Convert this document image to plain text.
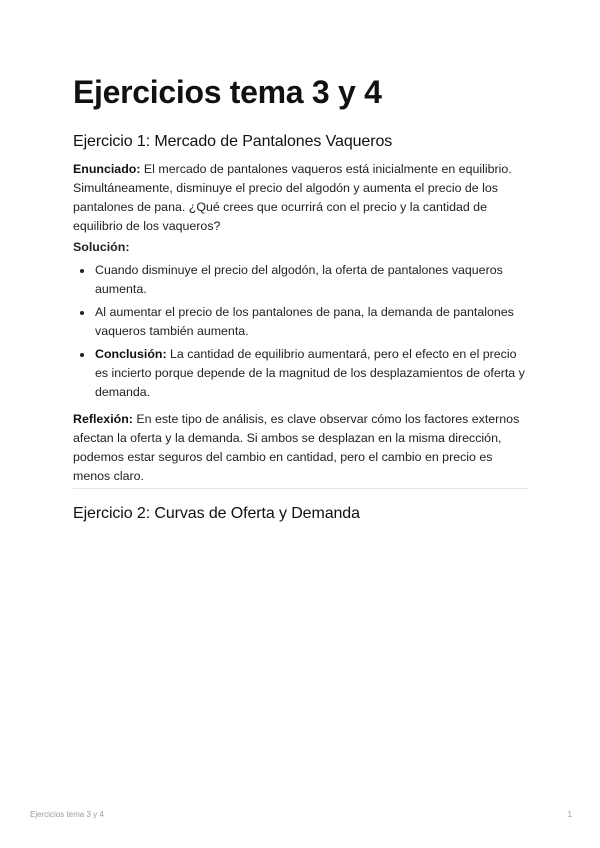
Ejercicios tema 3 y 4
Ejercicio 1: Mercado de Pantalones Vaqueros
Enunciado: El mercado de pantalones vaqueros está inicialmente en equilibrio. Simultáneamente, disminuye el precio del algodón y aumenta el precio de los pantalones de pana. ¿Qué crees que ocurrirá con el precio y la cantidad de equilibrio de los vaqueros?
Solución:
Cuando disminuye el precio del algodón, la oferta de pantalones vaqueros aumenta.
Al aumentar el precio de los pantalones de pana, la demanda de pantalones vaqueros también aumenta.
Conclusión: La cantidad de equilibrio aumentará, pero el efecto en el precio es incierto porque depende de la magnitud de los desplazamientos de oferta y demanda.
Reflexión: En este tipo de análisis, es clave observar cómo los factores externos afectan la oferta y la demanda. Si ambos se desplazan en la misma dirección, podemos estar seguros del cambio en cantidad, pero el cambio en precio es menos claro.
Ejercicio 2: Curvas de Oferta y Demanda
Ejercicios tema 3 y 4	1
